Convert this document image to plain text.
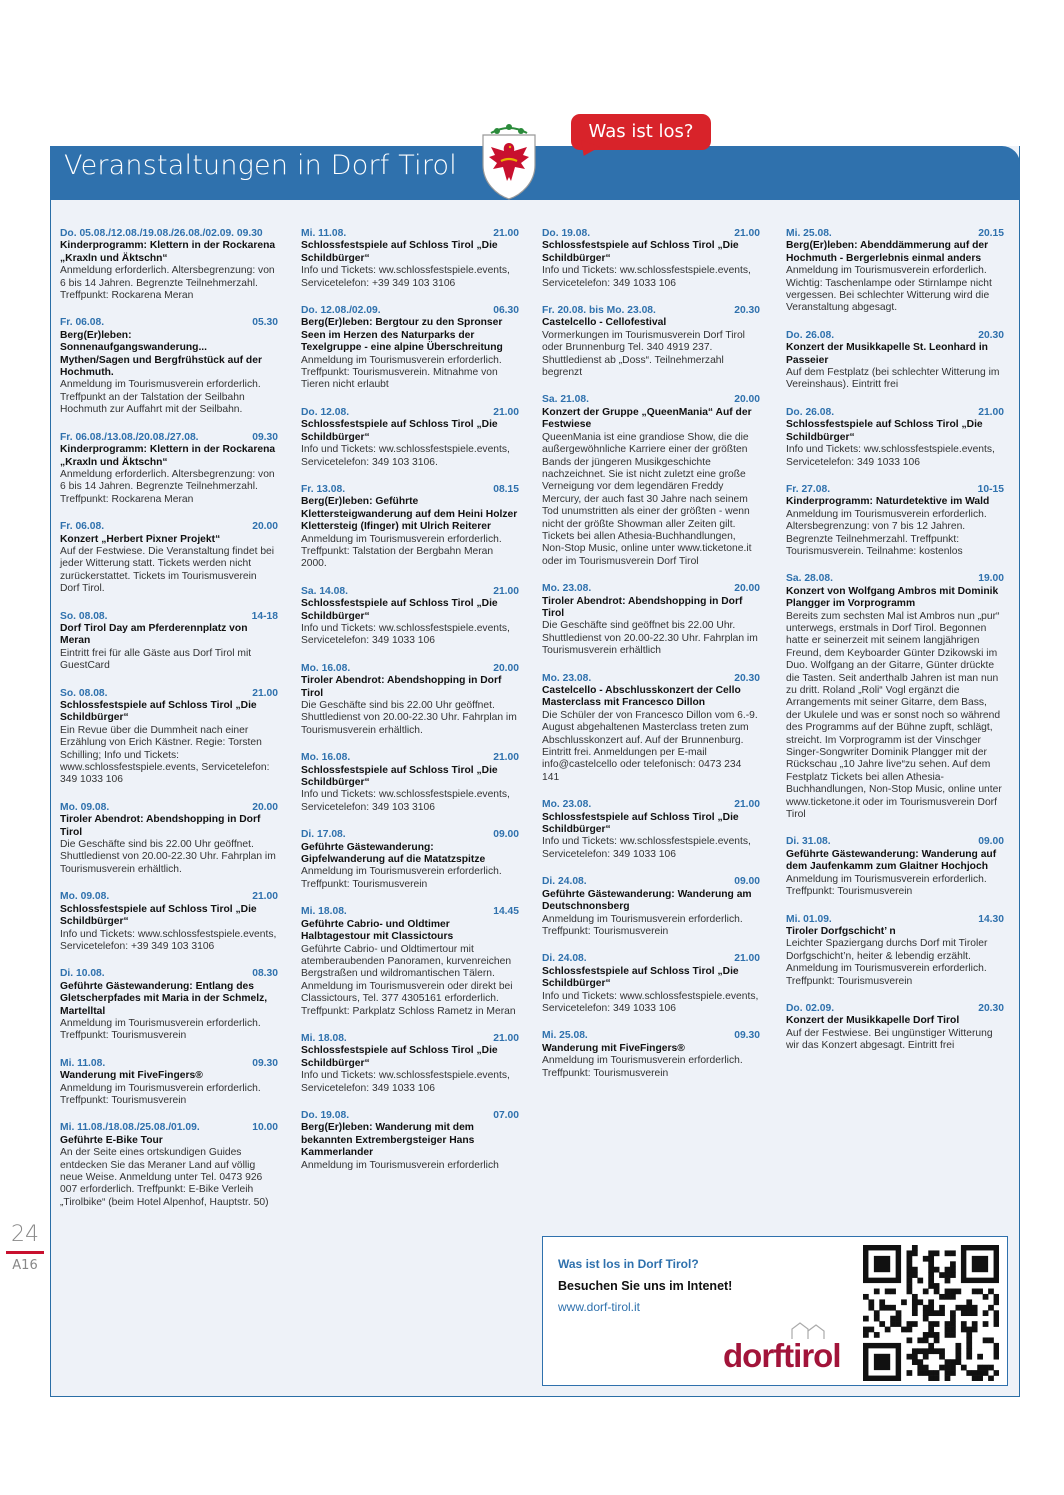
24
A16
Veranstaltungen in Dorf Tirol
Was ist los?
Do. 05.08./12.08./19.08./26.08./02.09. 09.30
Kinderprogramm: Klettern in der Rockarena „Kraxln und Äktschn“
Anmeldung erforderlich. Altersbegrenzung: von 6 bis 14 Jahren. Begrenzte Teilnehmerzahl. Treffpunkt: Rockarena Meran
Fr. 06.08.	05.30
Berg(Er)leben: Sonnenaufgangswanderung... Mythen/Sagen und Bergfrühstück auf der Hochmuth.
Anmeldung im Tourismusverein erforderlich. Treffpunkt an der Talstation der Seilbahn Hochmuth zur Auffahrt mit der Seilbahn.
Fr. 06.08./13.08./20.08./27.08.	09.30
Kinderprogramm: Klettern in der Rockarena „Kraxln und Äktschn“
Anmeldung erforderlich. Altersbegrenzung: von 6 bis 14 Jahren. Begrenzte Teilnehmerzahl. Treffpunkt: Rockarena Meran
Fr. 06.08.	20.00
Konzert „Herbert Pixner Projekt“
Auf der Festwiese. Die Veranstaltung findet bei jeder Witterung statt. Tickets werden nicht zurückerstattet. Tickets im Tourismusverein Dorf Tirol.
So. 08.08.	14-18
Dorf Tirol Day am Pferderennplatz von Meran
Eintritt frei für alle Gäste aus Dorf Tirol mit GuestCard
So. 08.08.	21.00
Schlossfestspiele auf Schloss Tirol „Die Schildbürger“
Ein Revue über die Dummheit nach einer Erzählung von Erich Kästner. Regie: Torsten Schilling; Info und Tickets: www.schlossfestspiele.events, Servicetelefon: 349 1033 106
Mo. 09.08.	20.00
Tiroler Abendrot: Abendshopping in Dorf Tirol
Die Geschäfte sind bis 22.00 Uhr geöffnet. Shuttledienst von 20.00-22.30 Uhr. Fahrplan im Tourismusverein erhältlich.
Mo. 09.08.	21.00
Schlossfestspiele auf Schloss Tirol „Die Schildbürger“
Info und Tickets: www.schlossfestspiele.events, Servicetelefon: +39 349 103 3106
Di. 10.08.	08.30
Geführte Gästewanderung: Entlang des Gletscherpfades mit Maria in der Schmelz, Martelltal
Anmeldung im Tourismusverein erforderlich. Treffpunkt: Tourismusverein
Mi. 11.08.	09.30
Wanderung mit FiveFingers®
Anmeldung im Tourismusverein erforderlich. Treffpunkt: Tourismusverein
Mi. 11.08./18.08./25.08./01.09.	10.00
Geführte E-Bike Tour
An der Seite eines ortskundigen Guides entdecken Sie das Meraner Land auf völlig neue Weise. Anmeldung unter Tel. 0473 926 007 erforderlich. Treffpunkt: E-Bike Verleih „Tirolbike“ (beim Hotel Alpenhof, Hauptstr. 50)
Mi. 11.08.	21.00
Schlossfestspiele auf Schloss Tirol „Die Schildbürger“
Info und Tickets: ww.schlossfestspiele.events, Servicetelefon: +39 349 103 3106
Do. 12.08./02.09.	06.30
Berg(Er)leben: Bergtour zu den Spronser Seen im Herzen des Naturparks der Texelgruppe - eine alpine Überschreitung
Anmeldung im Tourismusverein erforderlich. Treffpunkt: Tourismusverein. Mitnahme von Tieren nicht erlaubt
Do. 12.08.	21.00
Schlossfestspiele auf Schloss Tirol „Die Schildbürger“
Info und Tickets: ww.schlossfestspiele.events, Servicetelefon: 349 103 3106.
Fr. 13.08.	08.15
Berg(Er)leben: Geführte Klettersteigwanderung auf dem Heini Holzer Klettersteig (Ifinger) mit Ulrich Reiterer
Anmeldung im Tourismusverein erforderlich. Treffpunkt: Talstation der Bergbahn Meran 2000.
Sa. 14.08.	21.00
Schlossfestspiele auf Schloss Tirol „Die Schildbürger“
Info und Tickets: ww.schlossfestspiele.events, Servicetelefon: 349 1033 106
Mo. 16.08.	20.00
Tiroler Abendrot: Abendshopping in Dorf Tirol
Die Geschäfte sind bis 22.00 Uhr geöffnet. Shuttledienst von 20.00-22.30 Uhr. Fahrplan im Tourismusverein erhältlich.
Mo. 16.08.	21.00
Schlossfestspiele auf Schloss Tirol „Die Schildbürger“
Info und Tickets: ww.schlossfestspiele.events, Servicetelefon: 349 103 3106
Di. 17.08.	09.00
Geführte Gästewanderung: Gipfelwanderung auf die Matatzspitze
Anmeldung im Tourismusverein erforderlich. Treffpunkt: Tourismusverein
Mi. 18.08.	14.45
Geführte Cabrio- und Oldtimer Halbtagestour mit Classictours
Geführte Cabrio- und Oldtimertour mit atemberaubenden Panoramen, kurvenreichen Bergstraßen und wildromantischen Tälern. Anmeldung im Tourismusverein oder direkt bei Classictours, Tel. 377 4305161 erforderlich. Treffpunkt: Parkplatz Schloss Rametz in Meran
Mi. 18.08.	21.00
Schlossfestspiele auf Schloss Tirol „Die Schildbürger“
Info und Tickets: ww.schlossfestspiele.events, Servicetelefon: 349 1033 106
Do. 19.08.	07.00
Berg(Er)leben: Wanderung mit dem bekannten Extrembergsteiger Hans Kammerlander
Anmeldung im Tourismusverein erforderlich
Do. 19.08.	21.00
Schlossfestspiele auf Schloss Tirol „Die Schildbürger“
Info und Tickets: ww.schlossfestspiele.events, Servicetelefon: 349 1033 106
Fr. 20.08. bis Mo. 23.08.	20.30
Castelcello - Cellofestival
Vormerkungen im Tourismusverein Dorf Tirol oder Brunnenburg Tel. 340 4919 237. Shuttledienst ab „Doss“. Teilnehmerzahl begrenzt
Sa. 21.08.	20.00
Konzert der Gruppe „QueenMania“ Auf der Festwiese
QueenMania ist eine grandiose Show, die die außergewöhnliche Karriere einer der größten Bands der jüngeren Musikgeschichte nachzeichnet. Sie ist nicht zuletzt eine große Verneigung vor dem legendären Freddy Mercury, der auch fast 30 Jahre nach seinem Tod unumstritten als einer der größten - wenn nicht der größte Showman aller Zeiten gilt. Tickets bei allen Athesia-Buchhandlungen, Non-Stop Music, online unter www.ticketone.it oder im Tourismusverein Dorf Tirol
Mo. 23.08.	20.00
Tiroler Abendrot: Abendshopping in Dorf Tirol
Die Geschäfte sind geöffnet bis 22.00 Uhr. Shuttledienst von 20.00-22.30 Uhr. Fahrplan im Tourismusverein erhältlich
Mo. 23.08.	20.30
Castelcello - Abschlusskonzert der Cello Masterclass mit Francesco Dillon
Die Schüler der von Francesco Dillon vom 6.-9. August abgehaltenen Masterclass treten zum Abschlusskonzert auf. Auf der Brunnenburg. Eintritt frei. Anmeldungen per E-mail info@castelcello oder telefonisch: 0473 234 141
Mo. 23.08.	21.00
Schlossfestspiele auf Schloss Tirol „Die Schildbürger“
Info und Tickets: ww.schlossfestspiele.events, Servicetelefon: 349 1033 106
Di. 24.08.	09.00
Geführte Gästewanderung: Wanderung am Deutschnonsberg
Anmeldung im Tourismusverein erforderlich. Treffpunkt: Tourismusverein
Di. 24.08.	21.00
Schlossfestspiele auf Schloss Tirol „Die Schildbürger“
Info und Tickets: www.schlossfestspiele.events, Servicetelefon: 349 1033 106
Mi. 25.08.	09.30
Wanderung mit FiveFingers®
Anmeldung im Tourismusverein erforderlich. Treffpunkt: Tourismusverein
Mi. 25.08.	20.15
Berg(Er)leben: Abenddämmerung auf der Hochmuth - Bergerlebnis einmal anders
Anmeldung im Tourismusverein erforderlich. Wichtig: Taschenlampe oder Stirnlampe nicht vergessen. Bei schlechter Witterung wird die Veranstaltung abgesagt.
Do. 26.08.	20.30
Konzert der Musikkapelle St. Leonhard in Passeier
Auf dem Festplatz (bei schlechter Witterung im Vereinshaus). Eintritt frei
Do. 26.08.	21.00
Schlossfestspiele auf Schloss Tirol „Die Schildbürger“
Info und Tickets: ww.schlossfestspiele.events, Servicetelefon: 349 1033 106
Fr. 27.08.	10-15
Kinderprogramm: Naturdetektive im Wald
Anmeldung im Tourismusverein erforderlich. Altersbegrenzung: von 7 bis 12 Jahren. Begrenzte Teilnehmerzahl. Treffpunkt: Tourismusverein. Teilnahme: kostenlos
Sa. 28.08.	19.00
Konzert von Wolfgang Ambros mit Dominik Plangger im Vorprogramm
Bereits zum sechsten Mal ist Ambros nun „pur“ unterwegs, erstmals in Dorf Tirol. Begonnen hatte er seinerzeit mit seinem langjährigen Freund, dem Keyboarder Günter Dzikowski im Duo. Wolfgang an der Gitarre, Günter drückte die Tasten. Seit anderthalb Jahren ist man nun zu dritt. Roland „Roli“ Vogl ergänzt die Arrangements mit seiner Gitarre, dem Bass, der Ukulele und was er sonst noch so während des Programms auf der Bühne zupft, schlägt, streicht. Im Vorprogramm ist der Vinschger Singer-Songwriter Dominik Plangger mit der Rückschau „10 Jahre live“zu sehen. Auf dem Festplatz Tickets bei allen Athesia-Buchhandlungen, Non-Stop Music, online unter www.ticketone.it oder im Tourismusverein Dorf Tirol
Di. 31.08.	09.00
Geführte Gästewanderung: Wanderung auf dem Jaufenkamm zum Glaitner Hochjoch
Anmeldung im Tourismusverein erforderlich. Treffpunkt: Tourismusverein
Mi. 01.09.	14.30
Tiroler Dorfgschicht’ n
Leichter Spaziergang durchs Dorf mit Tiroler Dorfgschicht’n, heiter & lebendig erzählt. Anmeldung im Tourismusverein erforderlich. Treffpunkt: Tourismusverein
Do. 02.09.	20.30
Konzert der Musikkapelle Dorf Tirol
Auf der Festwiese. Bei ungünstiger Witterung wir das Konzert abgesagt. Eintritt frei
Was ist los in Dorf Tirol?
Besuchen Sie uns im Intenet!
www.dorf-tirol.it
dorftirol
